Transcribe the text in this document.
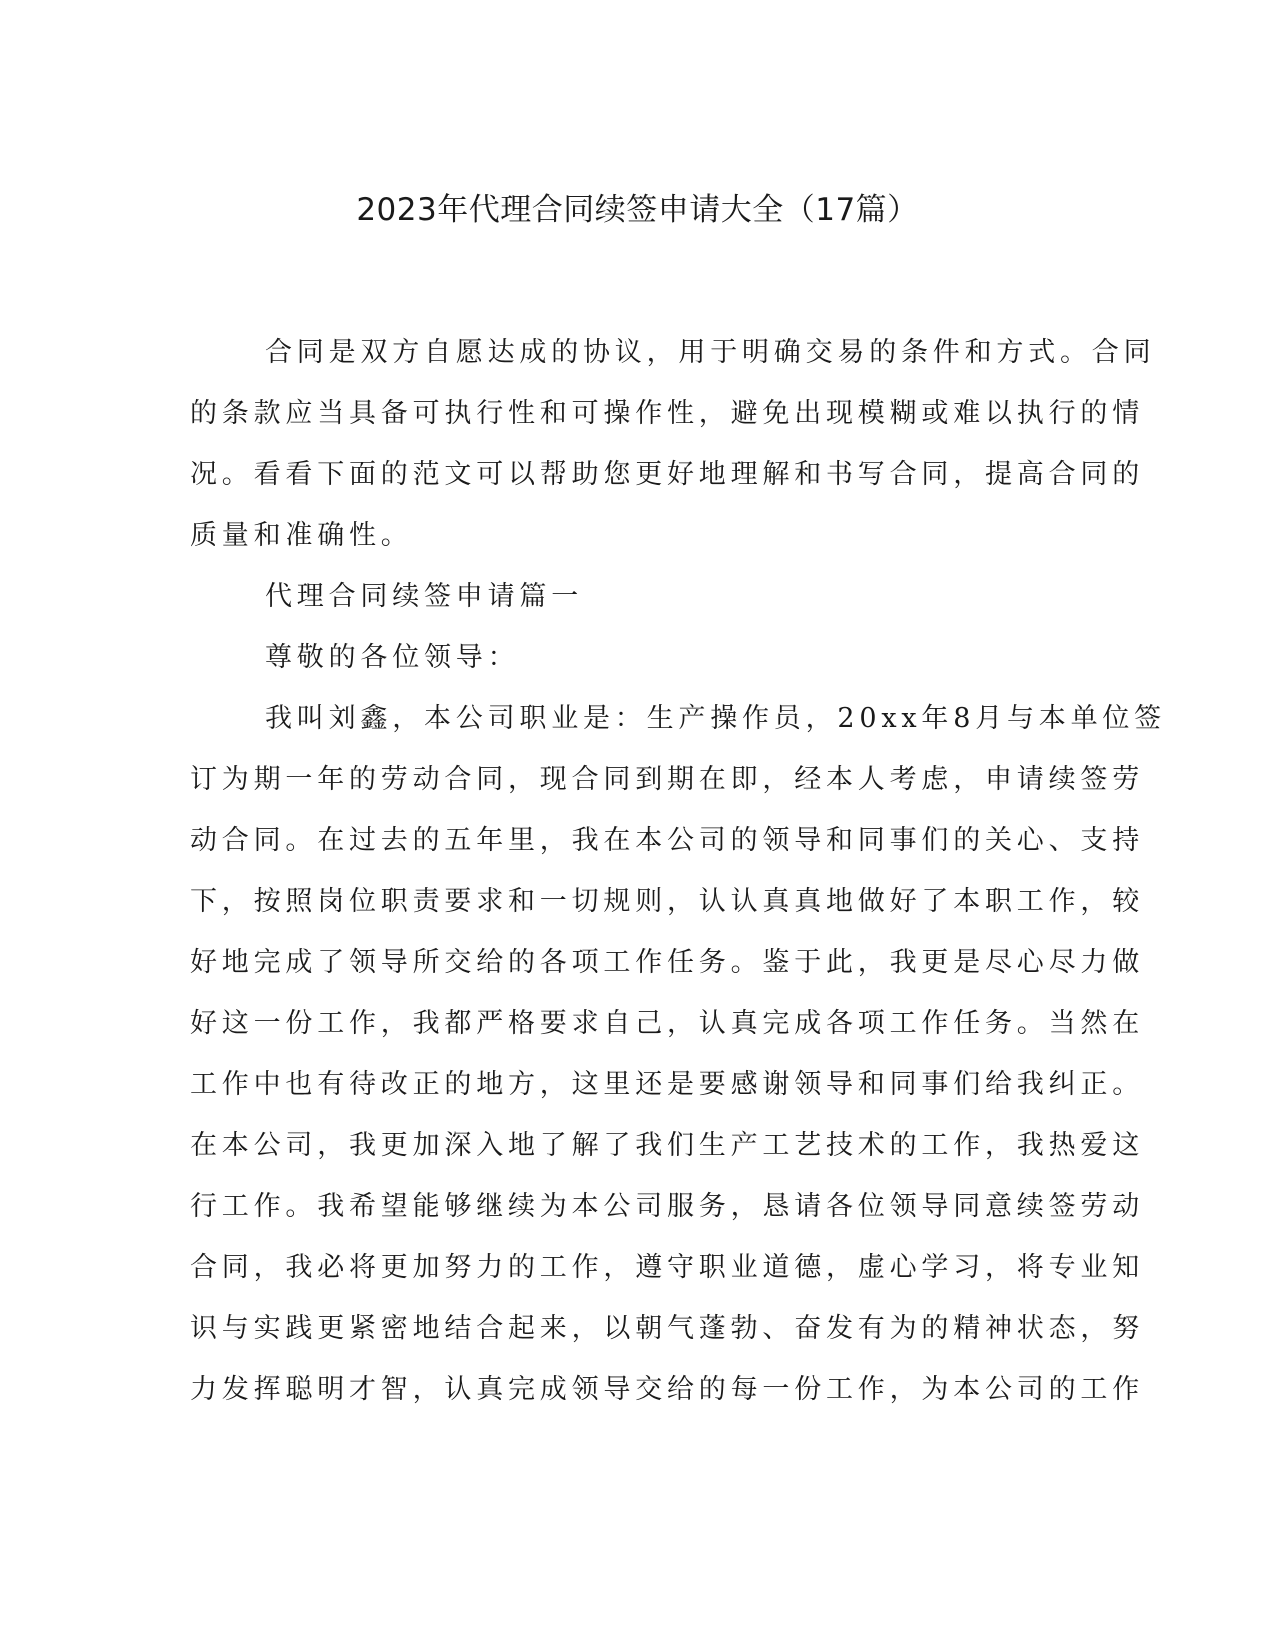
2023年代理合同续签申请大全（17篇）
合同是双方自愿达成的协议，用于明确交易的条件和方式。合同
的条款应当具备可执行性和可操作性，避免出现模糊或难以执行的情
况。看看下面的范文可以帮助您更好地理解和书写合同，提高合同的
质量和准确性。
代理合同续签申请篇一
尊敬的各位领导：
我叫刘鑫，本公司职业是：生产操作员，20xx年8月与本单位签
订为期一年的劳动合同，现合同到期在即，经本人考虑，申请续签劳
动合同。在过去的五年里，我在本公司的领导和同事们的关心、支持
下，按照岗位职责要求和一切规则，认认真真地做好了本职工作，较
好地完成了领导所交给的各项工作任务。鉴于此，我更是尽心尽力做
好这一份工作，我都严格要求自己，认真完成各项工作任务。当然在
工作中也有待改正的地方，这里还是要感谢领导和同事们给我纠正。
在本公司，我更加深入地了解了我们生产工艺技术的工作，我热爱这
行工作。我希望能够继续为本公司服务，恳请各位领导同意续签劳动
合同，我必将更加努力的工作，遵守职业道德，虚心学习，将专业知
识与实践更紧密地结合起来，以朝气蓬勃、奋发有为的精神状态，努
力发挥聪明才智，认真完成领导交给的每一份工作，为本公司的工作
